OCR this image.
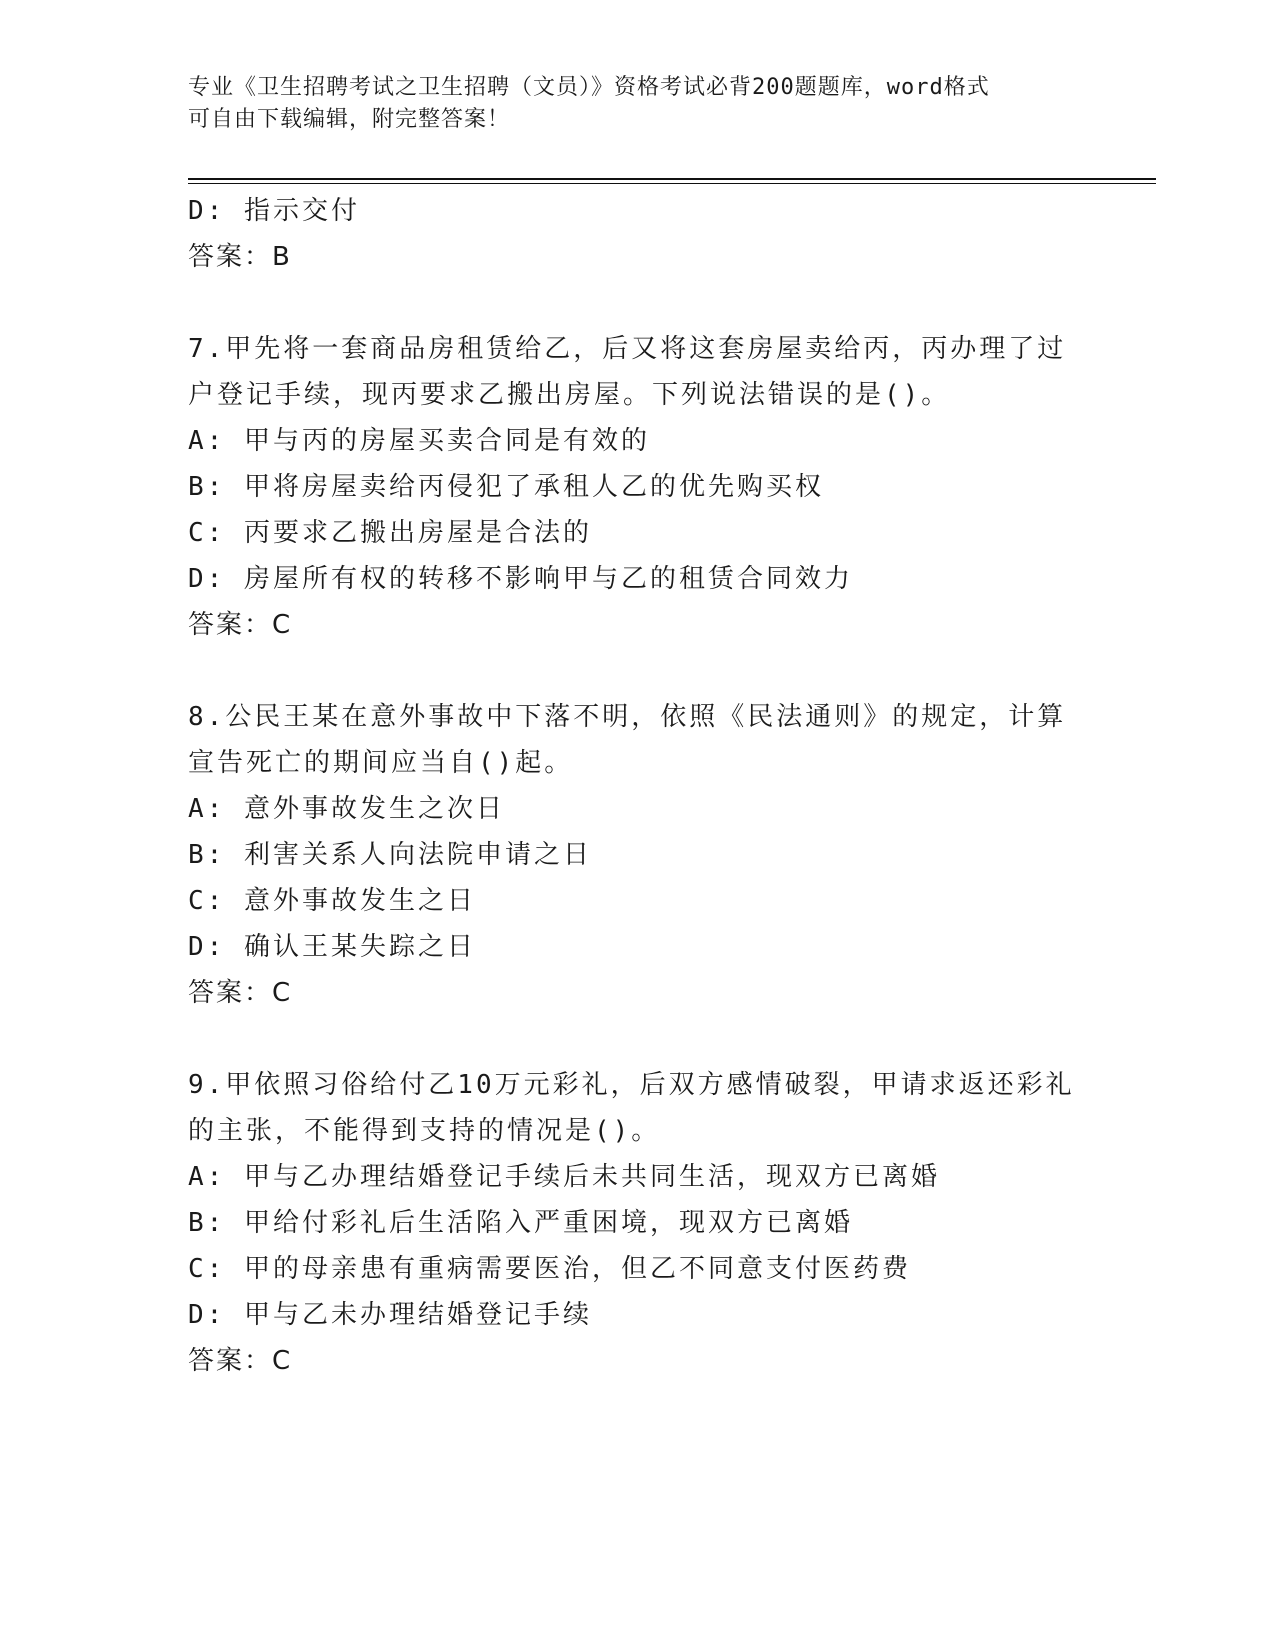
专业《卫生招聘考试之卫生招聘（文员）》资格考试必背200题题库，word格式
可自由下载编辑，附完整答案！
D: 指示交付
答案：B
7.甲先将一套商品房租赁给乙，后又将这套房屋卖给丙，丙办理了过
户登记手续，现丙要求乙搬出房屋。下列说法错误的是()。
A: 甲与丙的房屋买卖合同是有效的
B: 甲将房屋卖给丙侵犯了承租人乙的优先购买权
C: 丙要求乙搬出房屋是合法的
D: 房屋所有权的转移不影响甲与乙的租赁合同效力
答案：C
8.公民王某在意外事故中下落不明，依照《民法通则》的规定，计算
宣告死亡的期间应当自()起。
A: 意外事故发生之次日
B: 利害关系人向法院申请之日
C: 意外事故发生之日
D: 确认王某失踪之日
答案：C
9.甲依照习俗给付乙10万元彩礼，后双方感情破裂，甲请求返还彩礼
的主张，不能得到支持的情况是()。
A: 甲与乙办理结婚登记手续后未共同生活，现双方已离婚
B: 甲给付彩礼后生活陷入严重困境，现双方已离婚
C: 甲的母亲患有重病需要医治，但乙不同意支付医药费
D: 甲与乙未办理结婚登记手续
答案：C
